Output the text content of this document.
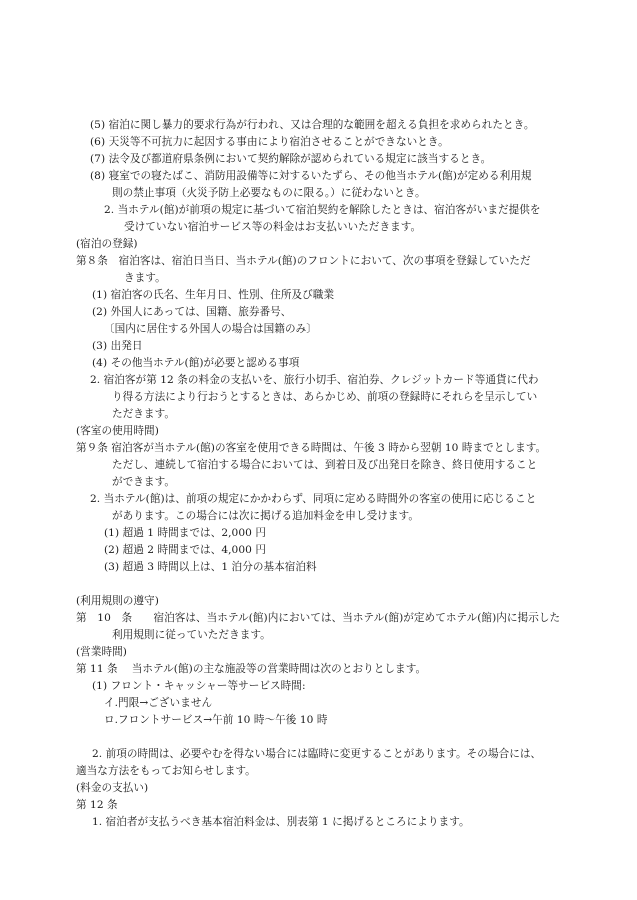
(5) 宿泊に関し暴力的要求行為が行われ、又は合理的な範囲を超える負担を求められたとき。

(6) 天災等不可抗力に起因する事由により宿泊させることができないとき。

(7) 法令及び都道府県条例において契約解除が認められている規定に該当するとき。

(8) 寝室での寝たばこ、消防用設備等に対するいたずら、その他当ホテル(館)が定める利用規

則の禁止事項（火災予防上必要なものに限る。）に従わないとき。

2. 当ホテル(館)が前項の規定に基づいて宿泊契約を解除したときは、宿泊客がいまだ提供を

受けていない宿泊サービス等の料金はお支払いいただきます。

(宿泊の登録)

第８条　宿泊客は、宿泊日当日、当ホテル(館)のフロントにおいて、次の事項を登録していただ

きます。

(1) 宿泊客の氏名、生年月日、性別、住所及び職業

(2) 外国人にあっては、国籍、旅券番号、

〔国内に居住する外国人の場合は国籍のみ〕

(3) 出発日

(4) その他当ホテル(館)が必要と認める事項

2. 宿泊客が第 12 条の料金の支払いを、旅行小切手、宿泊券、クレジットカード等通貨に代わ

り得る方法により行おうとするときは、あらかじめ、前項の登録時にそれらを呈示してい

ただきます。

(客室の使用時間)

第９条 宿泊客が当ホテル(館)の客室を使用できる時間は、午後 3 時から翌朝 10 時までとします。

ただし、連続して宿泊する場合においては、到着日及び出発日を除き、終日使用すること

ができます。

2. 当ホテル(館)は、前項の規定にかかわらず、同項に定める時間外の客室の使用に応じること

があります。この場合には次に掲げる追加料金を申し受けます。

(1) 超過 1 時間までは、2,000 円

(2) 超過 2 時間までは、4,000 円

(3) 超過 3 時間以上は、1 泊分の基本宿泊料

(利用規則の遵守)

第　10　条　　宿泊客は、当ホテル(館)内においては、当ホテル(館)が定めてホテル(館)内に掲示した

利用規則に従っていただきます。

(営業時間)

第 11 条　 当ホテル(館)の主な施設等の営業時間は次のとおりとします。

(1) フロント・キャッシャー等サービス時間:

イ.門限→ございません

ロ.フロントサービス→午前 10 時～午後 10 時

2. 前項の時間は、必要やむを得ない場合には臨時に変更することがあります。その場合には、

適当な方法をもってお知らせします。

(料金の支払い)

第 12 条

1. 宿泊者が支払うべき基本宿泊料金は、別表第 1 に掲げるところによります。
